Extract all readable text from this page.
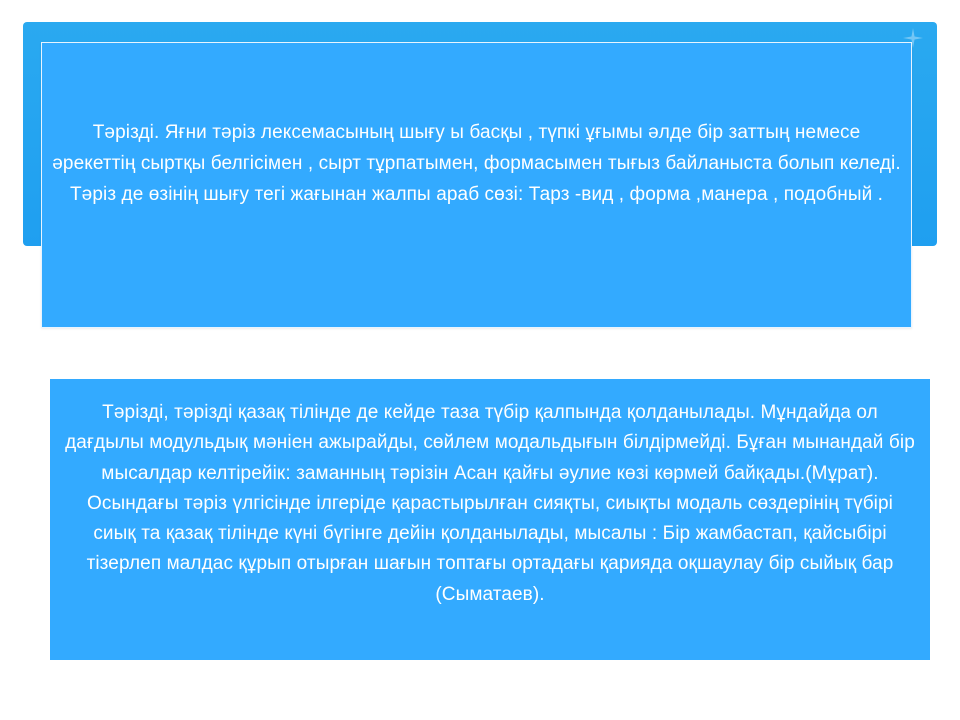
Тәрізді. Яғни тәріз лексемасының шығу ы басқы , түпкі ұғымы әлде бір заттың немесе әрекеттің сыртқы белгісімен , сырт тұрпатымен, формасымен тығыз байланыста болып келеді. Тәріз де өзінің шығу тегі жағынан жалпы араб сөзі: Тарз -вид , форма ,манера , подобный .
Тәрізді, тәрізді қазақ тілінде де кейде таза түбір қалпында қолданылады. Мұндайда ол дағдылы модульдық мәніен ажырайды, сөйлем модальдығын білдірмейді. Бұған мынандай бір мысалдар келтірейік: заманның тәрізін Асан қайғы әулие көзі көрмей байқады.(Мұрат). Осындағы тәріз үлгісінде ілгеріде қарастырылған сияқты, сиықты модаль сөздерінің түбірі сиық та қазақ тілінде күні бүгінге дейін қолданылады, мысалы : Бір жамбастап, қайсыбірі тізерлеп малдас құрып отырған шағын топтағы ортадағы қарияда оқшаулау бір сыйық бар (Сыматаев).
